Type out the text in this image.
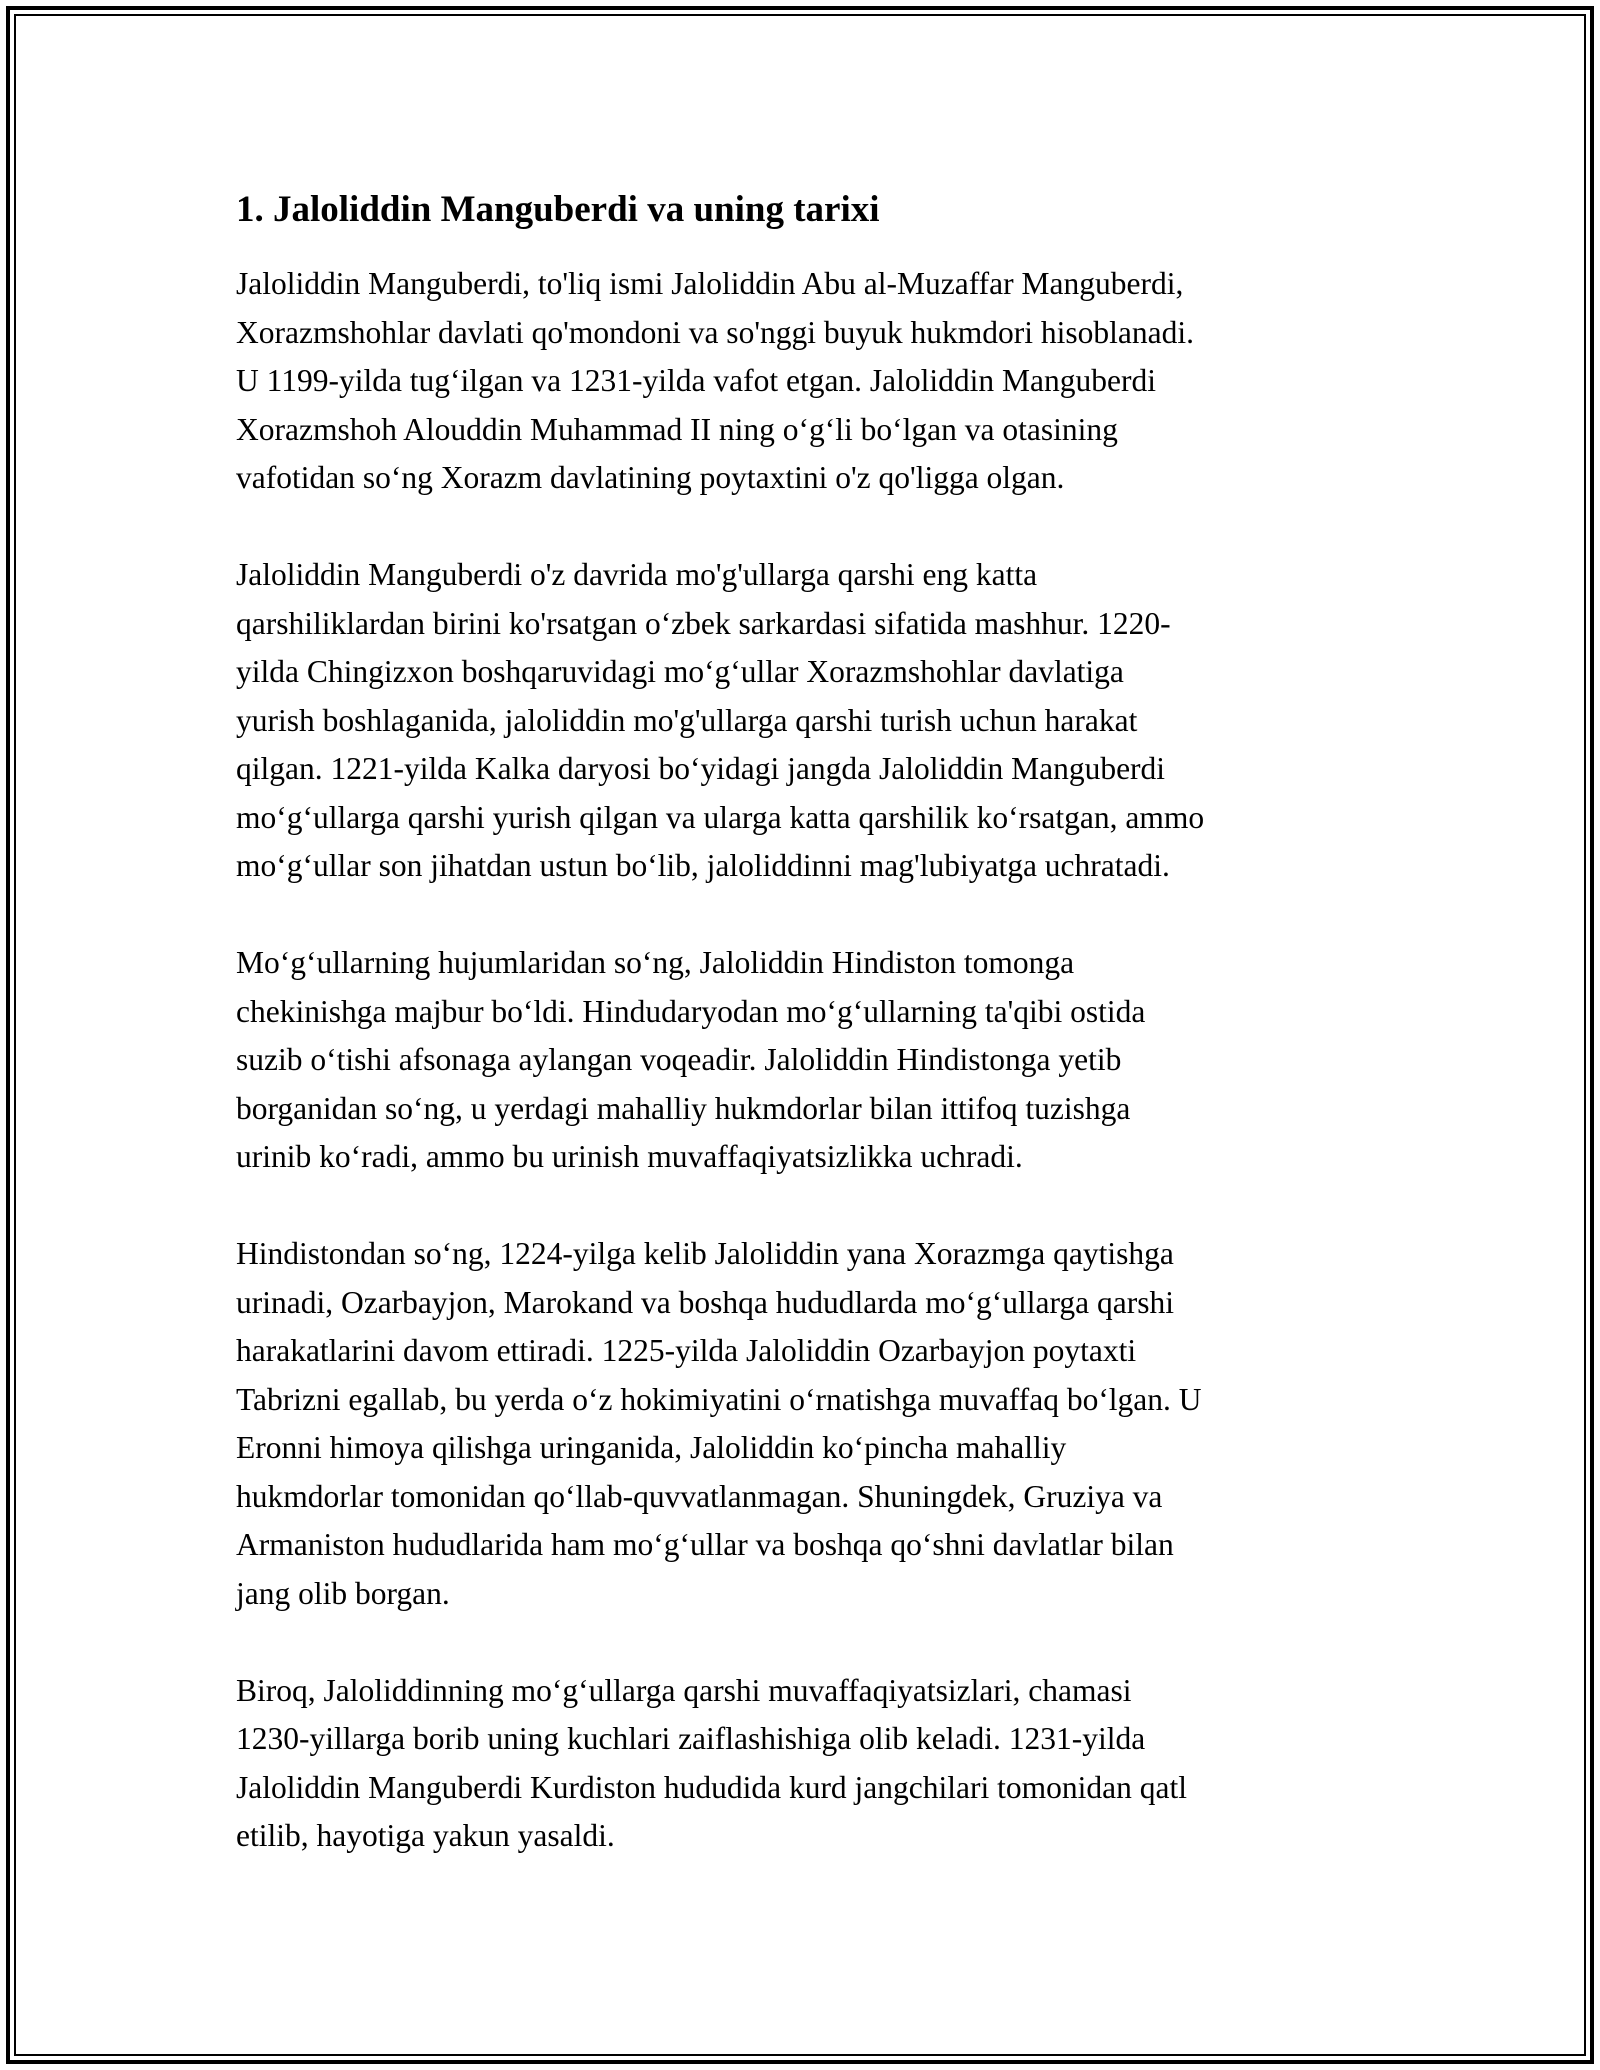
1. Jaloliddin Manguberdi va uning tarixi

Jaloliddin Manguberdi, to'liq ismi Jaloliddin Abu al-Muzaffar Manguberdi,
Xorazmshohlar davlati qo'mondoni va so'nggi buyuk hukmdori hisoblanadi.
U 1199-yilda tug‘ilgan va 1231-yilda vafot etgan. Jaloliddin Manguberdi
Xorazmshoh Alouddin Muhammad II ning o‘g‘li bo‘lgan va otasining
vafotidan so‘ng Xorazm davlatining poytaxtini o'z qo'ligga olgan.

Jaloliddin Manguberdi o'z davrida mo'g'ullarga qarshi eng katta
qarshiliklardan birini ko'rsatgan o‘zbek sarkardasi sifatida mashhur. 1220-
yilda Chingizxon boshqaruvidagi mo‘g‘ullar Xorazmshohlar davlatiga
yurish boshlaganida, jaloliddin mo'g'ullarga qarshi turish uchun harakat
qilgan. 1221-yilda Kalka daryosi bo‘yidagi jangda Jaloliddin Manguberdi
mo‘g‘ullarga qarshi yurish qilgan va ularga katta qarshilik ko‘rsatgan, ammo
mo‘g‘ullar son jihatdan ustun bo‘lib, jaloliddinni mag'lubiyatga uchratadi.

Mo‘g‘ullarning hujumlaridan so‘ng, Jaloliddin Hindiston tomonga
chekinishga majbur bo‘ldi. Hindudaryodan mo‘g‘ullarning ta'qibi ostida
suzib o‘tishi afsonaga aylangan voqeadir. Jaloliddin Hindistonga yetib
borganidan so‘ng, u yerdagi mahalliy hukmdorlar bilan ittifoq tuzishga
urinib ko‘radi, ammo bu urinish muvaffaqiyatsizlikka uchradi.

Hindistondan so‘ng, 1224-yilga kelib Jaloliddin yana Xorazmga qaytishga
urinadi, Ozarbayjon, Marokand va boshqa hududlarda mo‘g‘ullarga qarshi
harakatlarini davom ettiradi. 1225-yilda Jaloliddin Ozarbayjon poytaxti
Tabrizni egallab, bu yerda o‘z hokimiyatini o‘rnatishga muvaffaq bo‘lgan. U
Eronni himoya qilishga uringanida, Jaloliddin ko‘pincha mahalliy
hukmdorlar tomonidan qo‘llab-quvvatlanmagan. Shuningdek, Gruziya va
Armaniston hududlarida ham mo‘g‘ullar va boshqa qo‘shni davlatlar bilan
jang olib borgan.

Biroq, Jaloliddinning mo‘g‘ullarga qarshi muvaffaqiyatsizlari, chamasi
1230-yillarga borib uning kuchlari zaiflashishiga olib keladi. 1231-yilda
Jaloliddin Manguberdi Kurdiston hududida kurd jangchilari tomonidan qatl
etilib, hayotiga yakun yasaldi.
